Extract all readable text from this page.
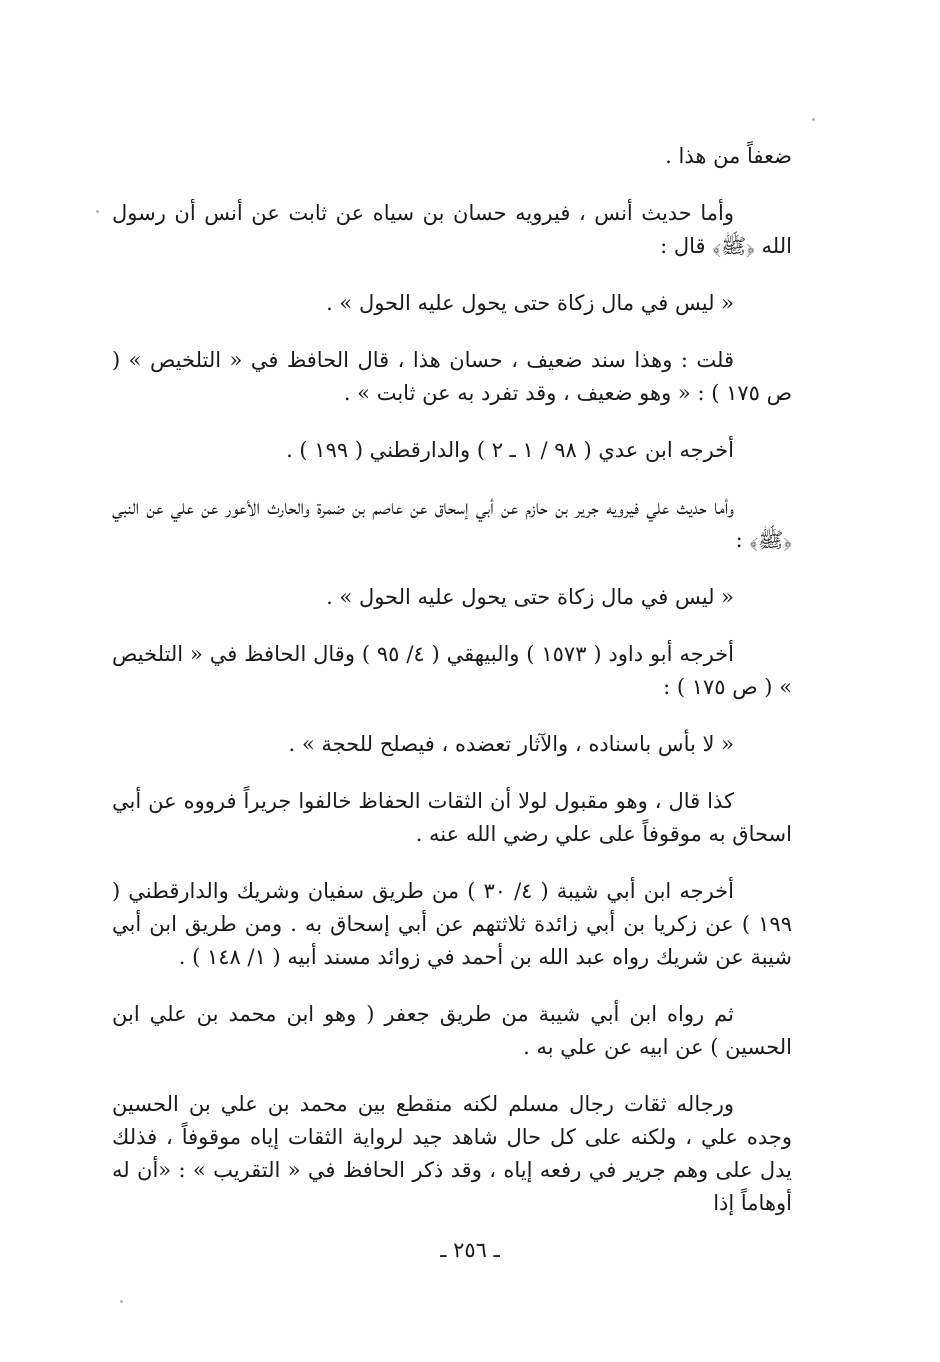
ضعفاً من هذا .

وأما حديث أنس ، فيرويه حسان بن سياه عن ثابت عن أنس أن رسول الله ﴿ﷺ﴾ قال :

« ليس في مال زكاة حتى يحول عليه الحول » .

قلت : وهذا سند ضعيف ، حسان هذا ، قال الحافظ في « التلخيص » ( ص ١٧٥ ) : « وهو ضعيف ، وقد تفرد به عن ثابت » .

أخرجه ابن عدي ( ٩٨ / ١ ـ ٢ ) والدارقطني ( ١٩٩ ) .

وأما حديث علي فيرويه جرير بن حازم عن أبي إسحاق عن عاصم بن ضمرة والحارث الأعور عن علي عن النبي ﴿ﷺ﴾ :

« ليس في مال زكاة حتى يحول عليه الحول » .

أخرجه أبو داود ( ١٥٧٣ ) والبيهقي ( ٤/ ٩٥ ) وقال الحافظ في « التلخيص » ( ص ١٧٥ ) :

« لا بأس باسناده ، والآثار تعضده ، فيصلح للحجة » .

كذا قال ، وهو مقبول لولا أن الثقات الحفاظ خالفوا جريراً فرووه عن أبي اسحاق به موقوفاً على علي رضي الله عنه .

أخرجه ابن أبي شيبة ( ٤/ ٣٠ ) من طريق سفيان وشريك والدارقطني ( ١٩٩ ) عن زكريا بن أبي زائدة ثلاثتهم عن أبي إسحاق به . ومن طريق ابن أبي شيبة عن شريك رواه عبد الله بن أحمد في زوائد مسند أبيه ( ١/ ١٤٨ ) .

ثم رواه ابن أبي شيبة من طريق جعفر ( وهو ابن محمد بن علي ابن الحسين ) عن ابيه عن علي به .

ورجاله ثقات رجال مسلم لكنه منقطع بين محمد بن علي بن الحسين وجده علي ، ولكنه على كل حال شاهد جيد لرواية الثقات إياه موقوفاً ، فذلك يدل على وهم جرير في رفعه إياه ، وقد ذكر الحافظ في « التقريب » : «أن له أوهاماً إذا

ـ ٢٥٦ ـ
